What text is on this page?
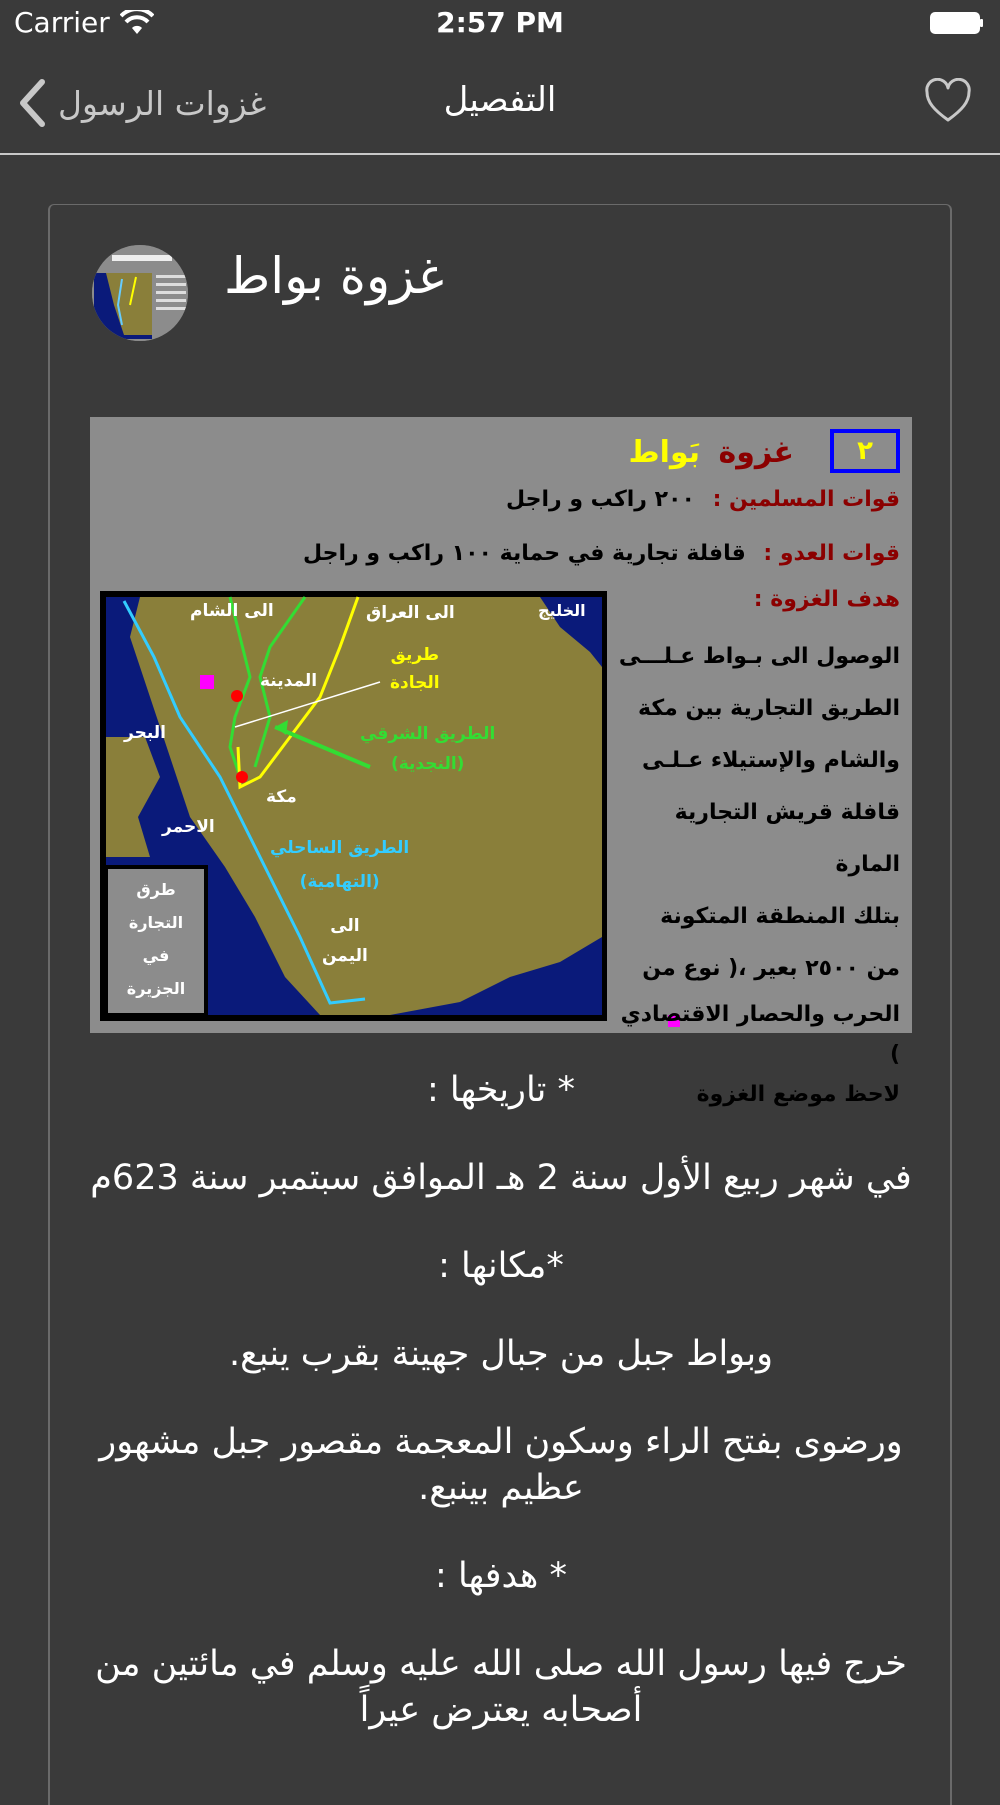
Carrier	2:57 PM
غزوات الرسول	التفصيل
غزوة بواط
٢
غزوة بَواط
قوات المسلمين : ٢٠٠ راكب و راجل
قوات العدو : قافلة تجارية في حماية ١٠٠ راكب و راجل
هدف الغزوة :
الوصول الى بـواط عـلـــى
الطريق التجارية بين مكة
والشام والإستيلاء عـلـى
قافلة قريش التجارية المارة
بتلك المنطقة المتكونة
من ٢٥٠٠ بعير ،( نوع من
الحرب والحصار الاقتصادي )
لاحظ موضع الغزوة
الى الشام	الى العراق	الخليج
طريق
الجادة
المدينة
الطريق الشرقي
(النجدية)
البحر
مكة
الاحمر
الطريق الساحلي
(التهامية)
الى
اليمن
طرق
التجارة
في
الجزيرة

* تاريخها :

في شهر ربيع الأول سنة 2 هـ الموافق سبتمبر سنة 623م

*مكانها :

وبواط جبل من جبال جهينة بقرب ينبع.

ورضوى بفتح الراء وسكون المعجمة مقصور جبل مشهور عظيم بينبع.

* هدفها :

خرج فيها رسول الله صلى الله عليه وسلم في مائتين من أصحابه يعترض عيراً
